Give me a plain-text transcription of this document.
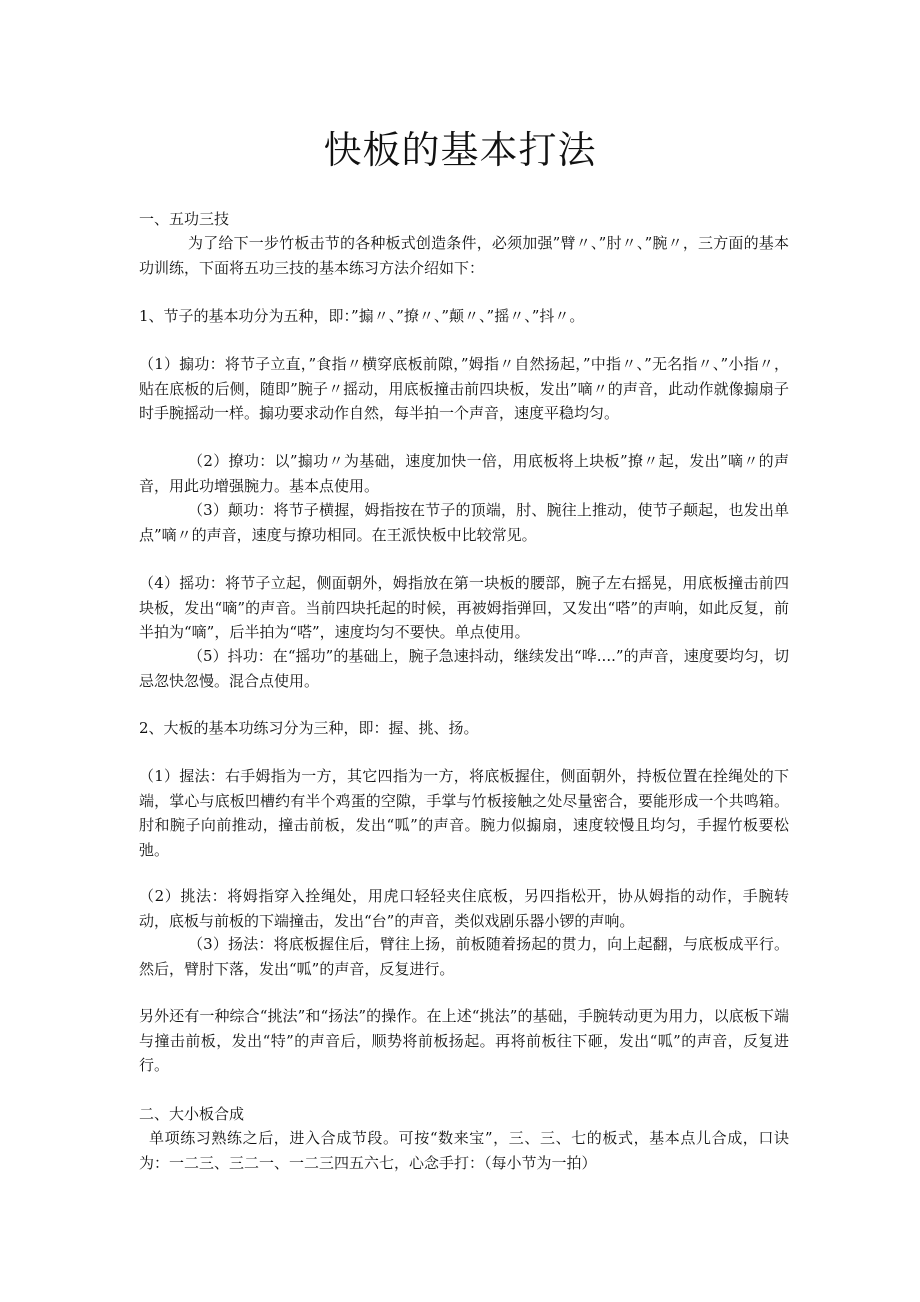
快板的基本打法

一、五功三技

为了给下一步竹板击节的各种板式创造条件，必须加强”臂〃、”肘〃、”腕〃，三方面的基本功训练，下面将五功三技的基本练习方法介绍如下：

1、节子的基本功分为五种，即：”搧〃、”撩〃、”颠〃、”摇〃、”抖〃。

（1）搧功：将节子立直，”食指〃横穿底板前隙，”姆指〃自然扬起，”中指〃、”无名指〃、”小指〃，贴在底板的后侧，随即”腕子〃摇动，用底板撞击前四块板，发出”嘀〃的声音，此动作就像搧扇子时手腕摇动一样。搧功要求动作自然，每半拍一个声音，速度平稳均匀。

（2）撩功：以”搧功〃为基础，速度加快一倍，用底板将上块板”撩〃起，发出”嘀〃的声音，用此功增强腕力。基本点使用。

（3）颠功：将节子横握，姆指按在节子的顶端，肘、腕往上推动，使节子颠起，也发出单点”嘀〃的声音，速度与撩功相同。在王派快板中比较常见。

（4）摇功：将节子立起，侧面朝外，姆指放在第一块板的腰部，腕子左右摇晃，用底板撞击前四块板，发出“嘀”的声音。当前四块托起的时候，再被姆指弹回，又发出“嗒”的声响，如此反复，前半拍为“嘀”，后半拍为“嗒”，速度均匀不要快。单点使用。

（5）抖功：在“摇功”的基础上，腕子急速抖动，继续发出“哗....”的声音，速度要均匀，切忌忽快忽慢。混合点使用。

2、大板的基本功练习分为三种，即：握、挑、扬。

（1）握法：右手姆指为一方，其它四指为一方，将底板握住，侧面朝外，持板位置在拴绳处的下端，掌心与底板凹槽约有半个鸡蛋的空隙，手掌与竹板接触之处尽量密合，要能形成一个共鸣箱。肘和腕子向前推动，撞击前板，发出“呱”的声音。腕力似搧扇，速度较慢且均匀，手握竹板要松弛。

（2）挑法：将姆指穿入拴绳处，用虎口轻轻夹住底板，另四指松开，协从姆指的动作，手腕转动，底板与前板的下端撞击，发出“台”的声音，类似戏剧乐器小锣的声响。

（3）扬法：将底板握住后，臂往上扬，前板随着扬起的贯力，向上起翻，与底板成平行。然后，臂肘下落，发出“呱”的声音，反复进行。

另外还有一种综合“挑法”和“扬法”的操作。在上述“挑法”的基础，手腕转动更为用力，以底板下端与撞击前板，发出“特”的声音后，顺势将前板扬起。再将前板往下砸，发出“呱”的声音，反复进行。

二、大小板合成

单项练习熟练之后，进入合成节段。可按“数来宝”，三、三、七的板式，基本点儿合成，口诀为：一二三、三二一、一二三四五六七，心念手打：（每小节为一拍）
